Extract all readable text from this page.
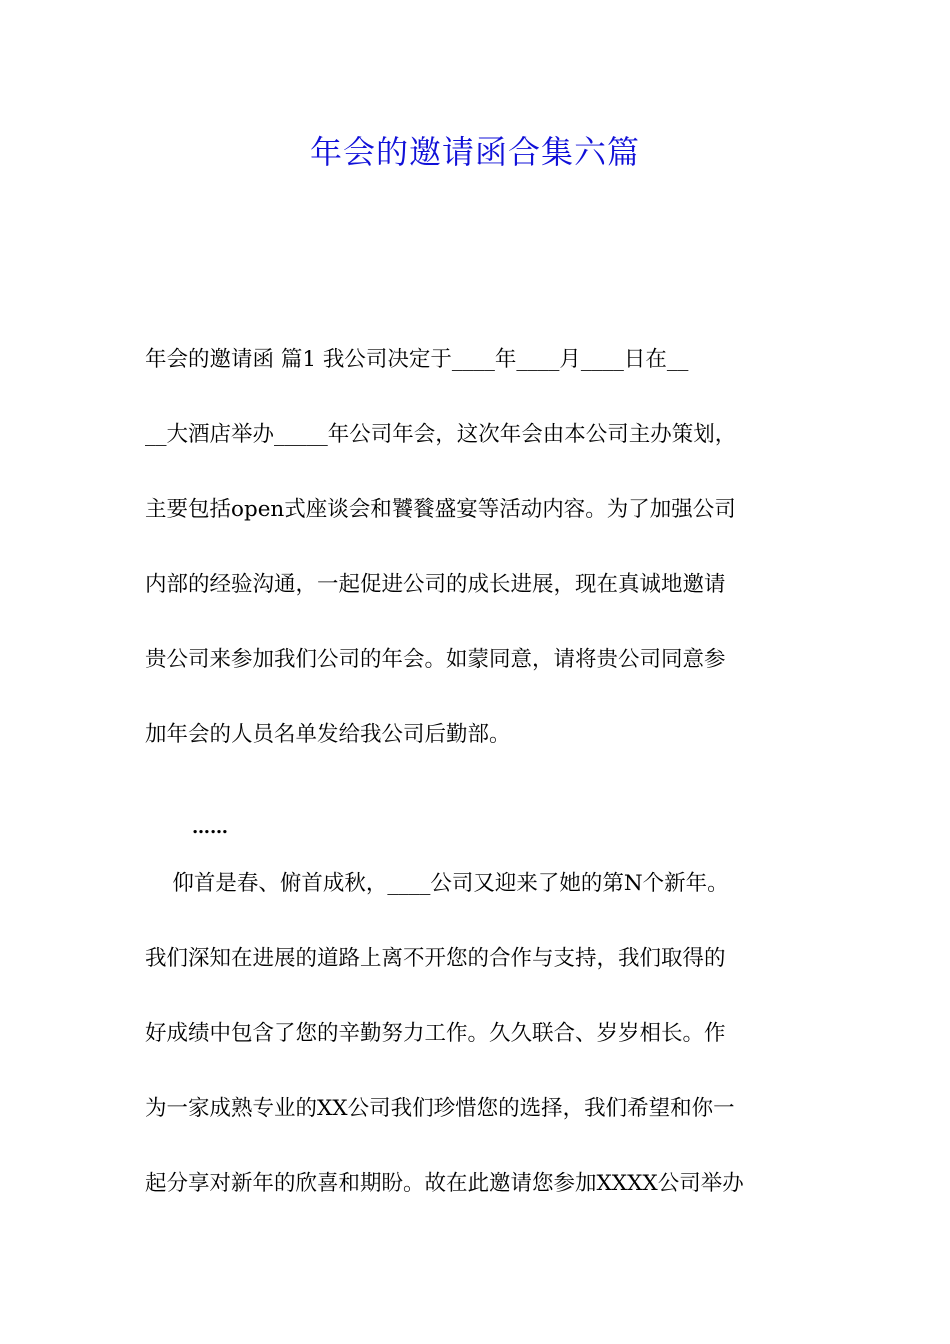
年会的邀请函合集六篇
年会的邀请函 篇1 我公司决定于____年____月____日在__
__大酒店举办_____年公司年会，这次年会由本公司主办策划，
主要包括open式座谈会和饕餮盛宴等活动内容。为了加强公司
内部的经验沟通，一起促进公司的成长进展，现在真诚地邀请
贵公司来参加我们公司的年会。如蒙同意，请将贵公司同意参
加年会的人员名单发给我公司后勤部。
……
仰首是春、俯首成秋，____公司又迎来了她的第N个新年。
我们深知在进展的道路上离不开您的合作与支持，我们取得的
好成绩中包含了您的辛勤努力工作。久久联合、岁岁相长。作
为一家成熟专业的XX公司我们珍惜您的选择，我们希望和你一
起分享对新年的欣喜和期盼。故在此邀请您参加XXXX公司举办
